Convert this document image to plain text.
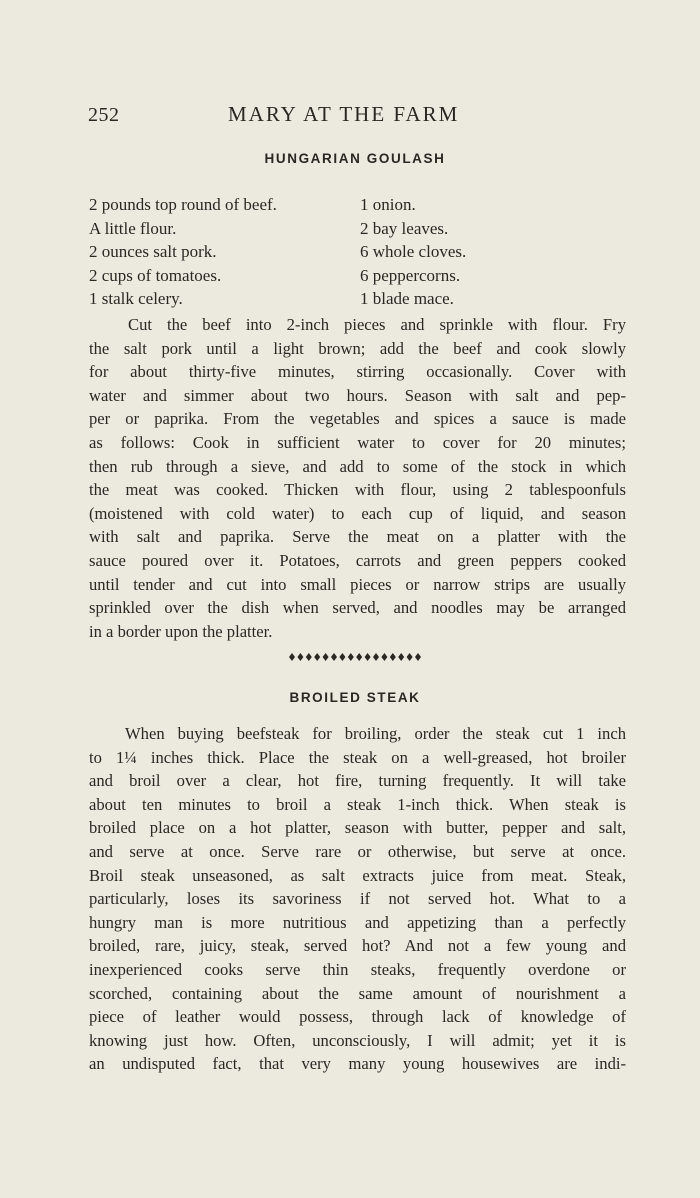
252	MARY AT THE FARM
HUNGARIAN GOULASH
2 pounds top round of beef.
A little flour.
2 ounces salt pork.
2 cups of tomatoes.
1 stalk celery.
1 onion.
2 bay leaves.
6 whole cloves.
6 peppercorns.
1 blade mace.
Cut the beef into 2-inch pieces and sprinkle with flour. Fry
the salt pork until a light brown; add the beef and cook slowly
for about thirty-five minutes, stirring occasionally. Cover with
water and simmer about two hours. Season with salt and pep-
per or paprika. From the vegetables and spices a sauce is made
as follows: Cook in sufficient water to cover for 20 minutes;
then rub through a sieve, and add to some of the stock in which
the meat was cooked. Thicken with flour, using 2 tablespoonfuls
(moistened with cold water) to each cup of liquid, and season
with salt and paprika. Serve the meat on a platter with the
sauce poured over it. Potatoes, carrots and green peppers cooked
until tender and cut into small pieces or narrow strips are usually
sprinkled over the dish when served, and noodles may be arranged
in a border upon the platter.
BROILED STEAK
When buying beefsteak for broiling, order the steak cut 1 inch
to 1¼ inches thick. Place the steak on a well-greased, hot broiler
and broil over a clear, hot fire, turning frequently. It will take
about ten minutes to broil a steak 1-inch thick. When steak is
broiled place on a hot platter, season with butter, pepper and salt,
and serve at once. Serve rare or otherwise, but serve at once.
Broil steak unseasoned, as salt extracts juice from meat. Steak,
particularly, loses its savoriness if not served hot. What to a
hungry man is more nutritious and appetizing than a perfectly
broiled, rare, juicy, steak, served hot? And not a few young and
inexperienced cooks serve thin steaks, frequently overdone or
scorched, containing about the same amount of nourishment a
piece of leather would possess, through lack of knowledge of
knowing just how. Often, unconsciously, I will admit; yet it is
an undisputed fact, that very many young housewives are indi-
